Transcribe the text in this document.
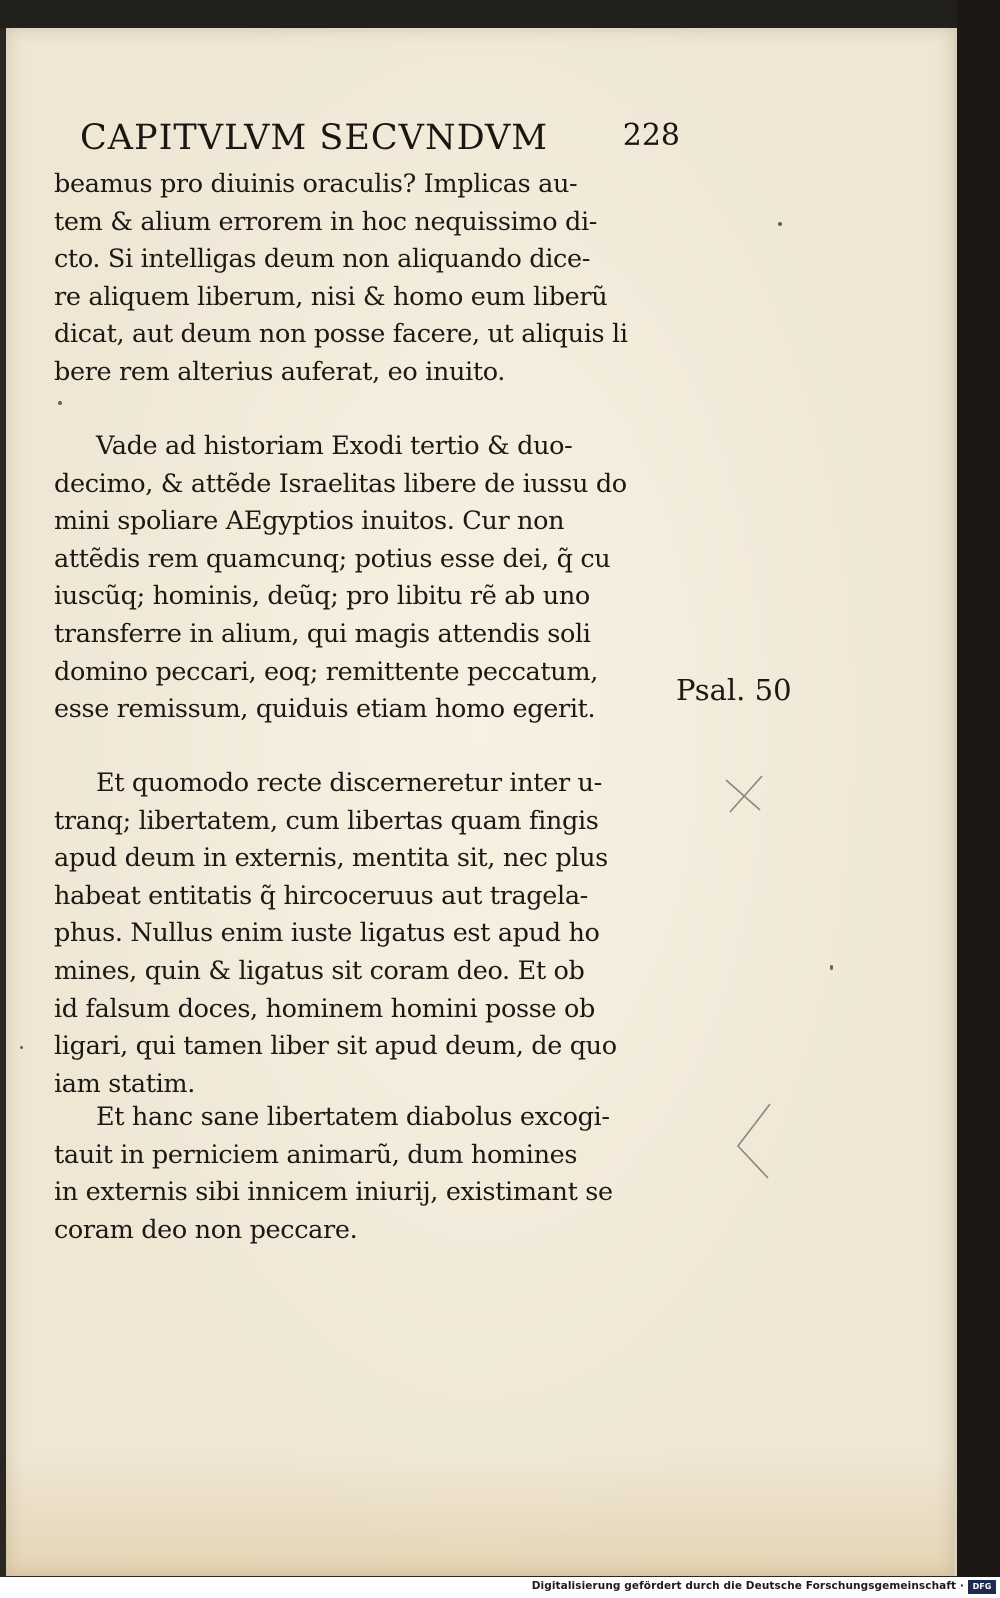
CAPITVLVM SECVNDVM 228
beamus pro diuinis oraculis? Implicas au-
tem & alium errorem in hoc nequissimo di-
cto. Si intelligas deum non aliquando dice-
re aliquem liberum, nisi & homo eum liberũ
dicat, aut deum non posse facere, ut aliquis li
bere rem alterius auferat, eo inuito.
Vade ad historiam Exodi tertio & duo-
decimo, & attẽde Israelitas libere de iussu do
mini spoliare AEgyptios inuitos. Cur non
attẽdis rem quamcunq; potius esse dei, q̃ cu
iuscũq; hominis, deũq; pro libitu rẽ ab uno
transferre in alium, qui magis attendis soli
domino peccari, eoq; remittente peccatum,
esse remissum, quiduis etiam homo egerit.
Et quomodo recte discerneretur inter u-
tranq; libertatem, cum libertas quam fingis
apud deum in externis, mentita sit, nec plus
habeat entitatis q̃ hircoceruus aut tragela-
phus. Nullus enim iuste ligatus est apud ho
mines, quin & ligatus sit coram deo. Et ob
id falsum doces, hominem homini posse ob
ligari, qui tamen liber sit apud deum, de quo
iam statim.
Et hanc sane libertatem diabolus excogi-
tauit in perniciem animarũ, dum homines
in externis sibi innicem iniurij, existimant se
coram deo non peccare.
Psal. 50
Digitalisierung gefördert durch die Deutsche Forschungsgemeinschaft ·	DFG
